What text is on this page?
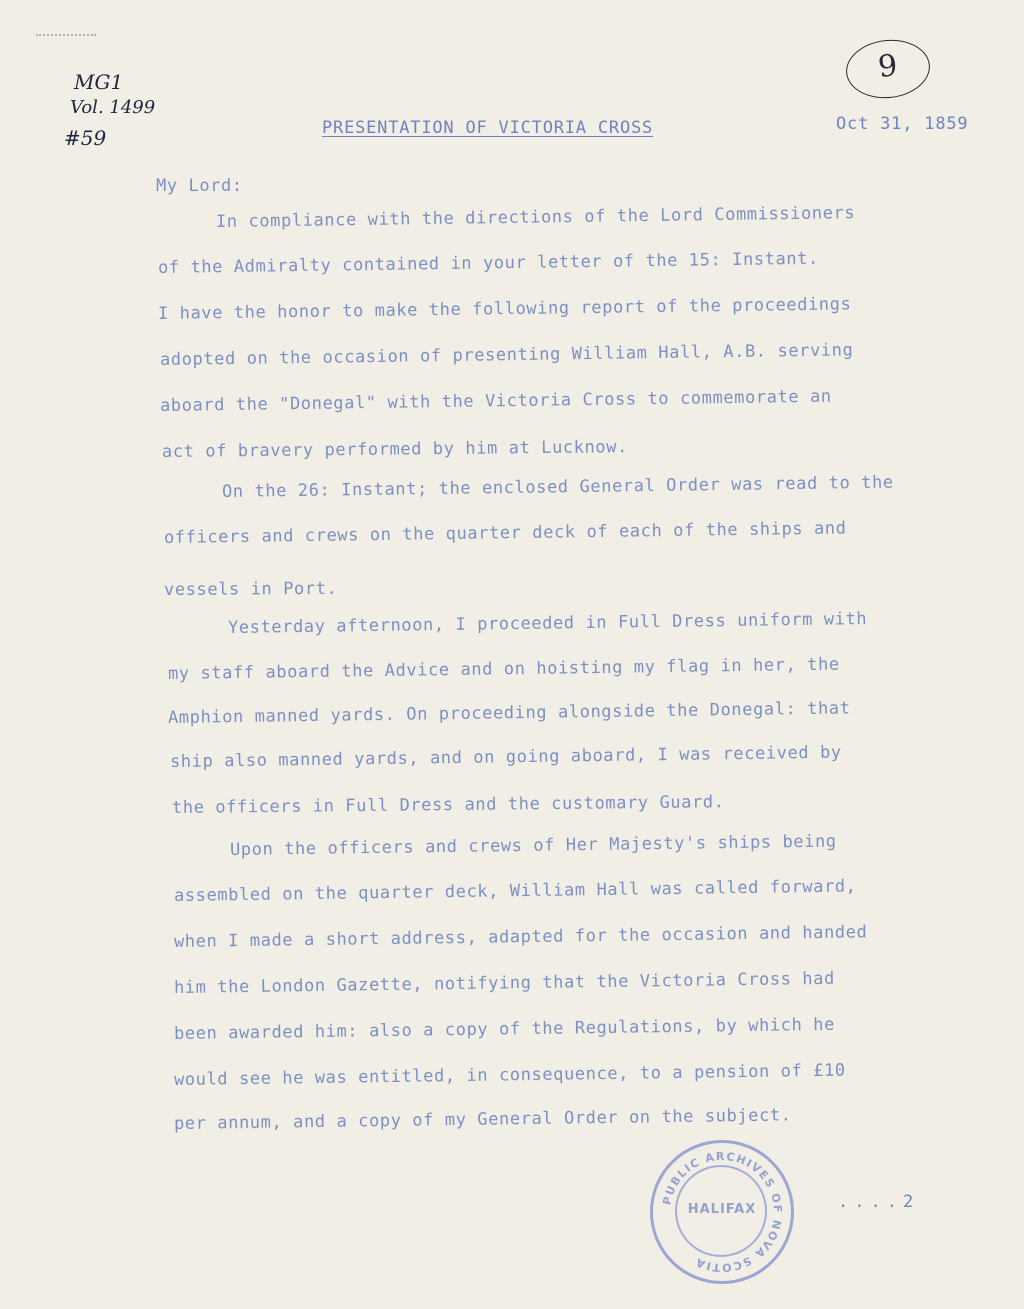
MG1
Vol. 1499
#59
9
PRESENTATION OF VICTORIA CROSS	Oct 31, 1859
My Lord:
In compliance with the directions of the Lord Commissioners
of the Admiralty contained in your letter of the 15: Instant.
I have the honor to make the following report of the proceedings
adopted on the occasion of presenting William Hall, A.B. serving
aboard the "Donegal" with the Victoria Cross to commemorate an
act of bravery performed by him at Lucknow.
On the 26: Instant; the enclosed General Order was read to the
officers and crews on the quarter deck of each of the ships and
vessels in Port.
Yesterday afternoon, I proceeded in Full Dress uniform with
my staff aboard the Advice and on hoisting my flag in her, the
Amphion manned yards. On proceeding alongside the Donegal: that
ship also manned yards, and on going aboard, I was received by
the officers in Full Dress and the customary Guard.
Upon the officers and crews of Her Majesty's ships being
assembled on the quarter deck, William Hall was called forward,
when I made a short address, adapted for the occasion and handed
him the London Gazette, notifying that the Victoria Cross had
been awarded him: also a copy of the Regulations, by which he
would see he was entitled, in consequence, to a pension of £10
per annum, and a copy of my General Order on the subject.
PUBLIC ARCHIVES OF NOVA SCOTIA
HALIFAX	....2
